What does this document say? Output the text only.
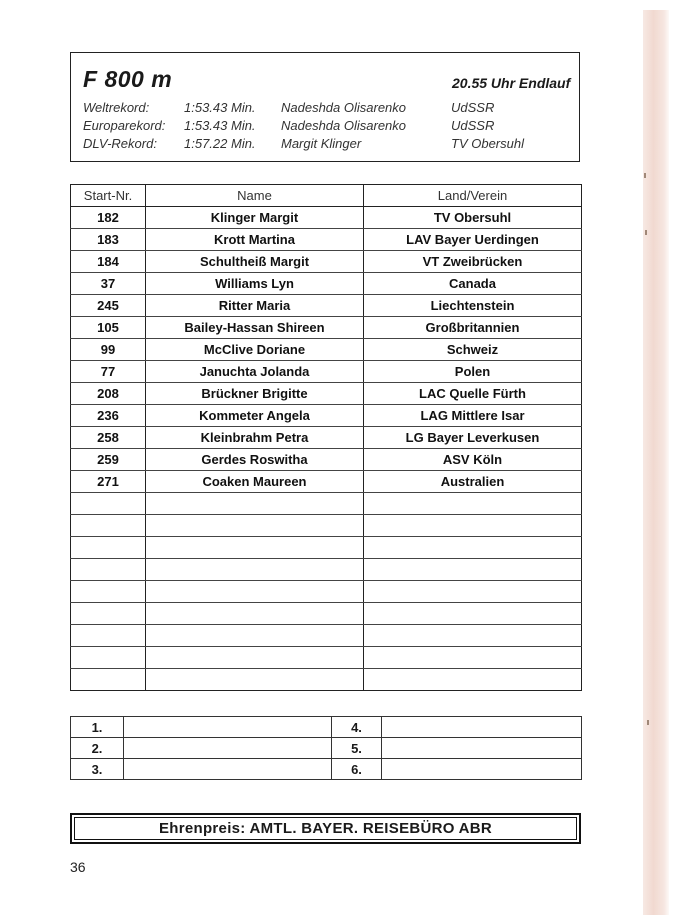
F 800 m	20.55 Uhr Endlauf
Weltrekord:	1:53.43 Min. Nadeshda Olisarenko	UdSSR
Europarekord: 1:53.43 Min. Nadeshda Olisarenko	UdSSR
DLV-Rekord: 1:57.22 Min. Margit Klinger	TV Obersuhl
Start-Nr.	Name	Land/Verein
182	Klinger Margit	TV Obersuhl
183	Krott Martina	LAV Bayer Uerdingen
184	Schultheiß Margit	VT Zweibrücken
37	Williams Lyn	Canada
245	Ritter Maria	Liechtenstein
105	Bailey-Hassan Shireen	Großbritannien
99	McClive Doriane	Schweiz
77	Januchta Jolanda	Polen
208	Brückner Brigitte	LAC Quelle Fürth
236	Kommeter Angela	LAG Mittlere Isar
258	Kleinbrahm Petra	LG Bayer Leverkusen
259	Gerdes Roswitha	ASV Köln
271	Coaken Maureen	Australien

1.		4.	
2.		5.	
3.		6.	
Ehrenpreis: AMTL. BAYER. REISEBÜRO ABR
36
